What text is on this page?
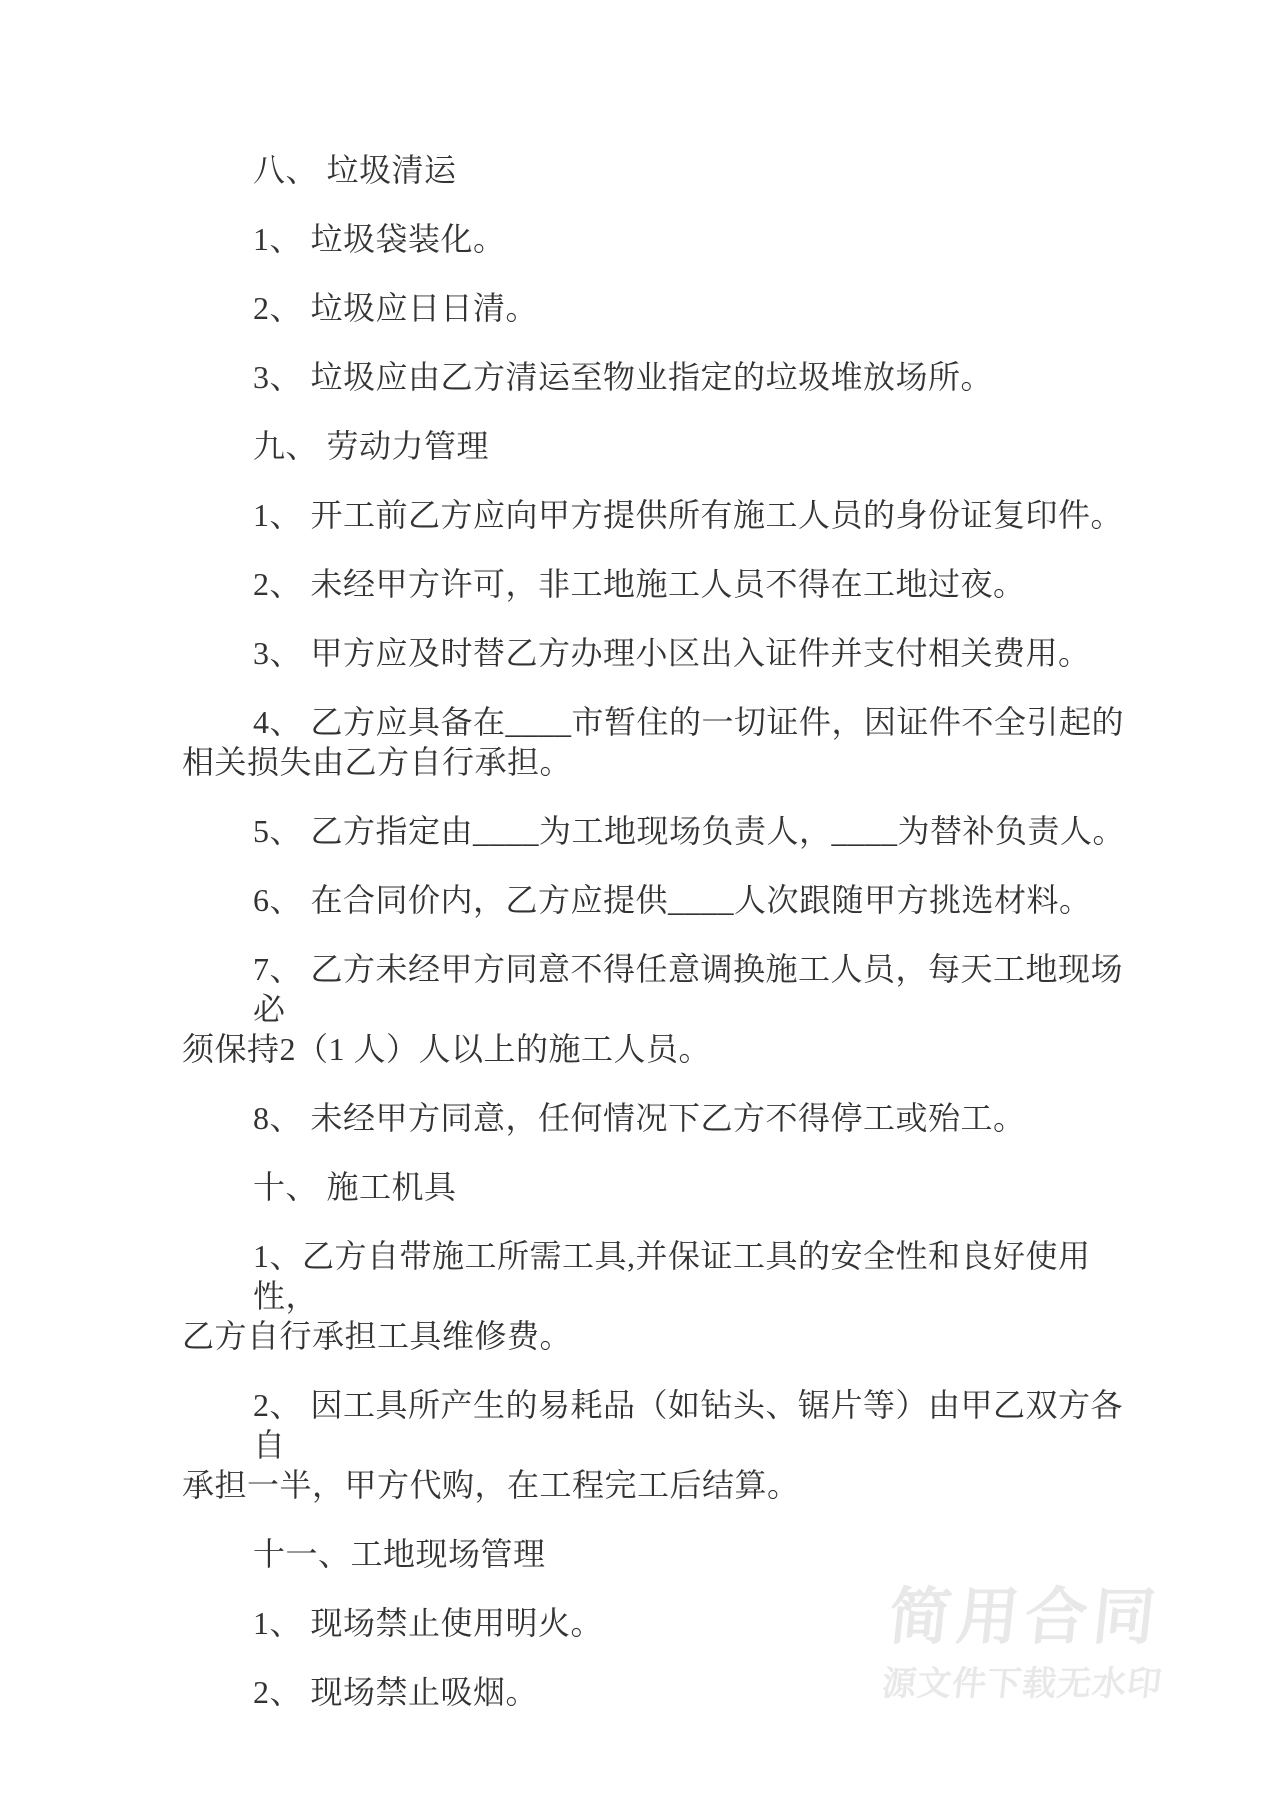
八、 垃圾清运
1、 垃圾袋装化。
2、 垃圾应日日清。
3、 垃圾应由乙方清运至物业指定的垃圾堆放场所。
九、 劳动力管理
1、 开工前乙方应向甲方提供所有施工人员的身份证复印件。
2、 未经甲方许可，非工地施工人员不得在工地过夜。
3、 甲方应及时替乙方办理小区出入证件并支付相关费用。
4、 乙方应具备在____市暂住的一切证件，因证件不全引起的
相关损失由乙方自行承担。
5、 乙方指定由____为工地现场负责人，____为替补负责人。
6、 在合同价内，乙方应提供____人次跟随甲方挑选材料。
7、 乙方未经甲方同意不得任意调换施工人员，每天工地现场必
须保持2（1 人）人以上的施工人员。
8、 未经甲方同意，任何情况下乙方不得停工或殆工。
十、 施工机具
1、乙方自带施工所需工具,并保证工具的安全性和良好使用性，
乙方自行承担工具维修费。
2、 因工具所产生的易耗品（如钻头、锯片等）由甲乙双方各自
承担一半，甲方代购，在工程完工后结算。
十一、工地现场管理
1、 现场禁止使用明火。
2、 现场禁止吸烟。
简用合同
源文件下载无水印
